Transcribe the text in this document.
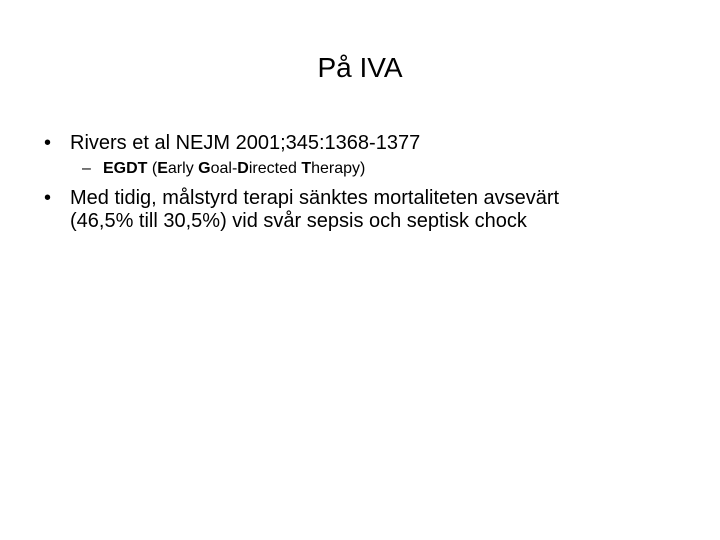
På IVA
• Rivers et al NEJM 2001;345:1368-1377
– EGDT (Early Goal-Directed Therapy)
• Med tidig, målstyrd terapi sänktes mortaliteten avsevärt
(46,5% till 30,5%) vid svår sepsis och septisk chock
